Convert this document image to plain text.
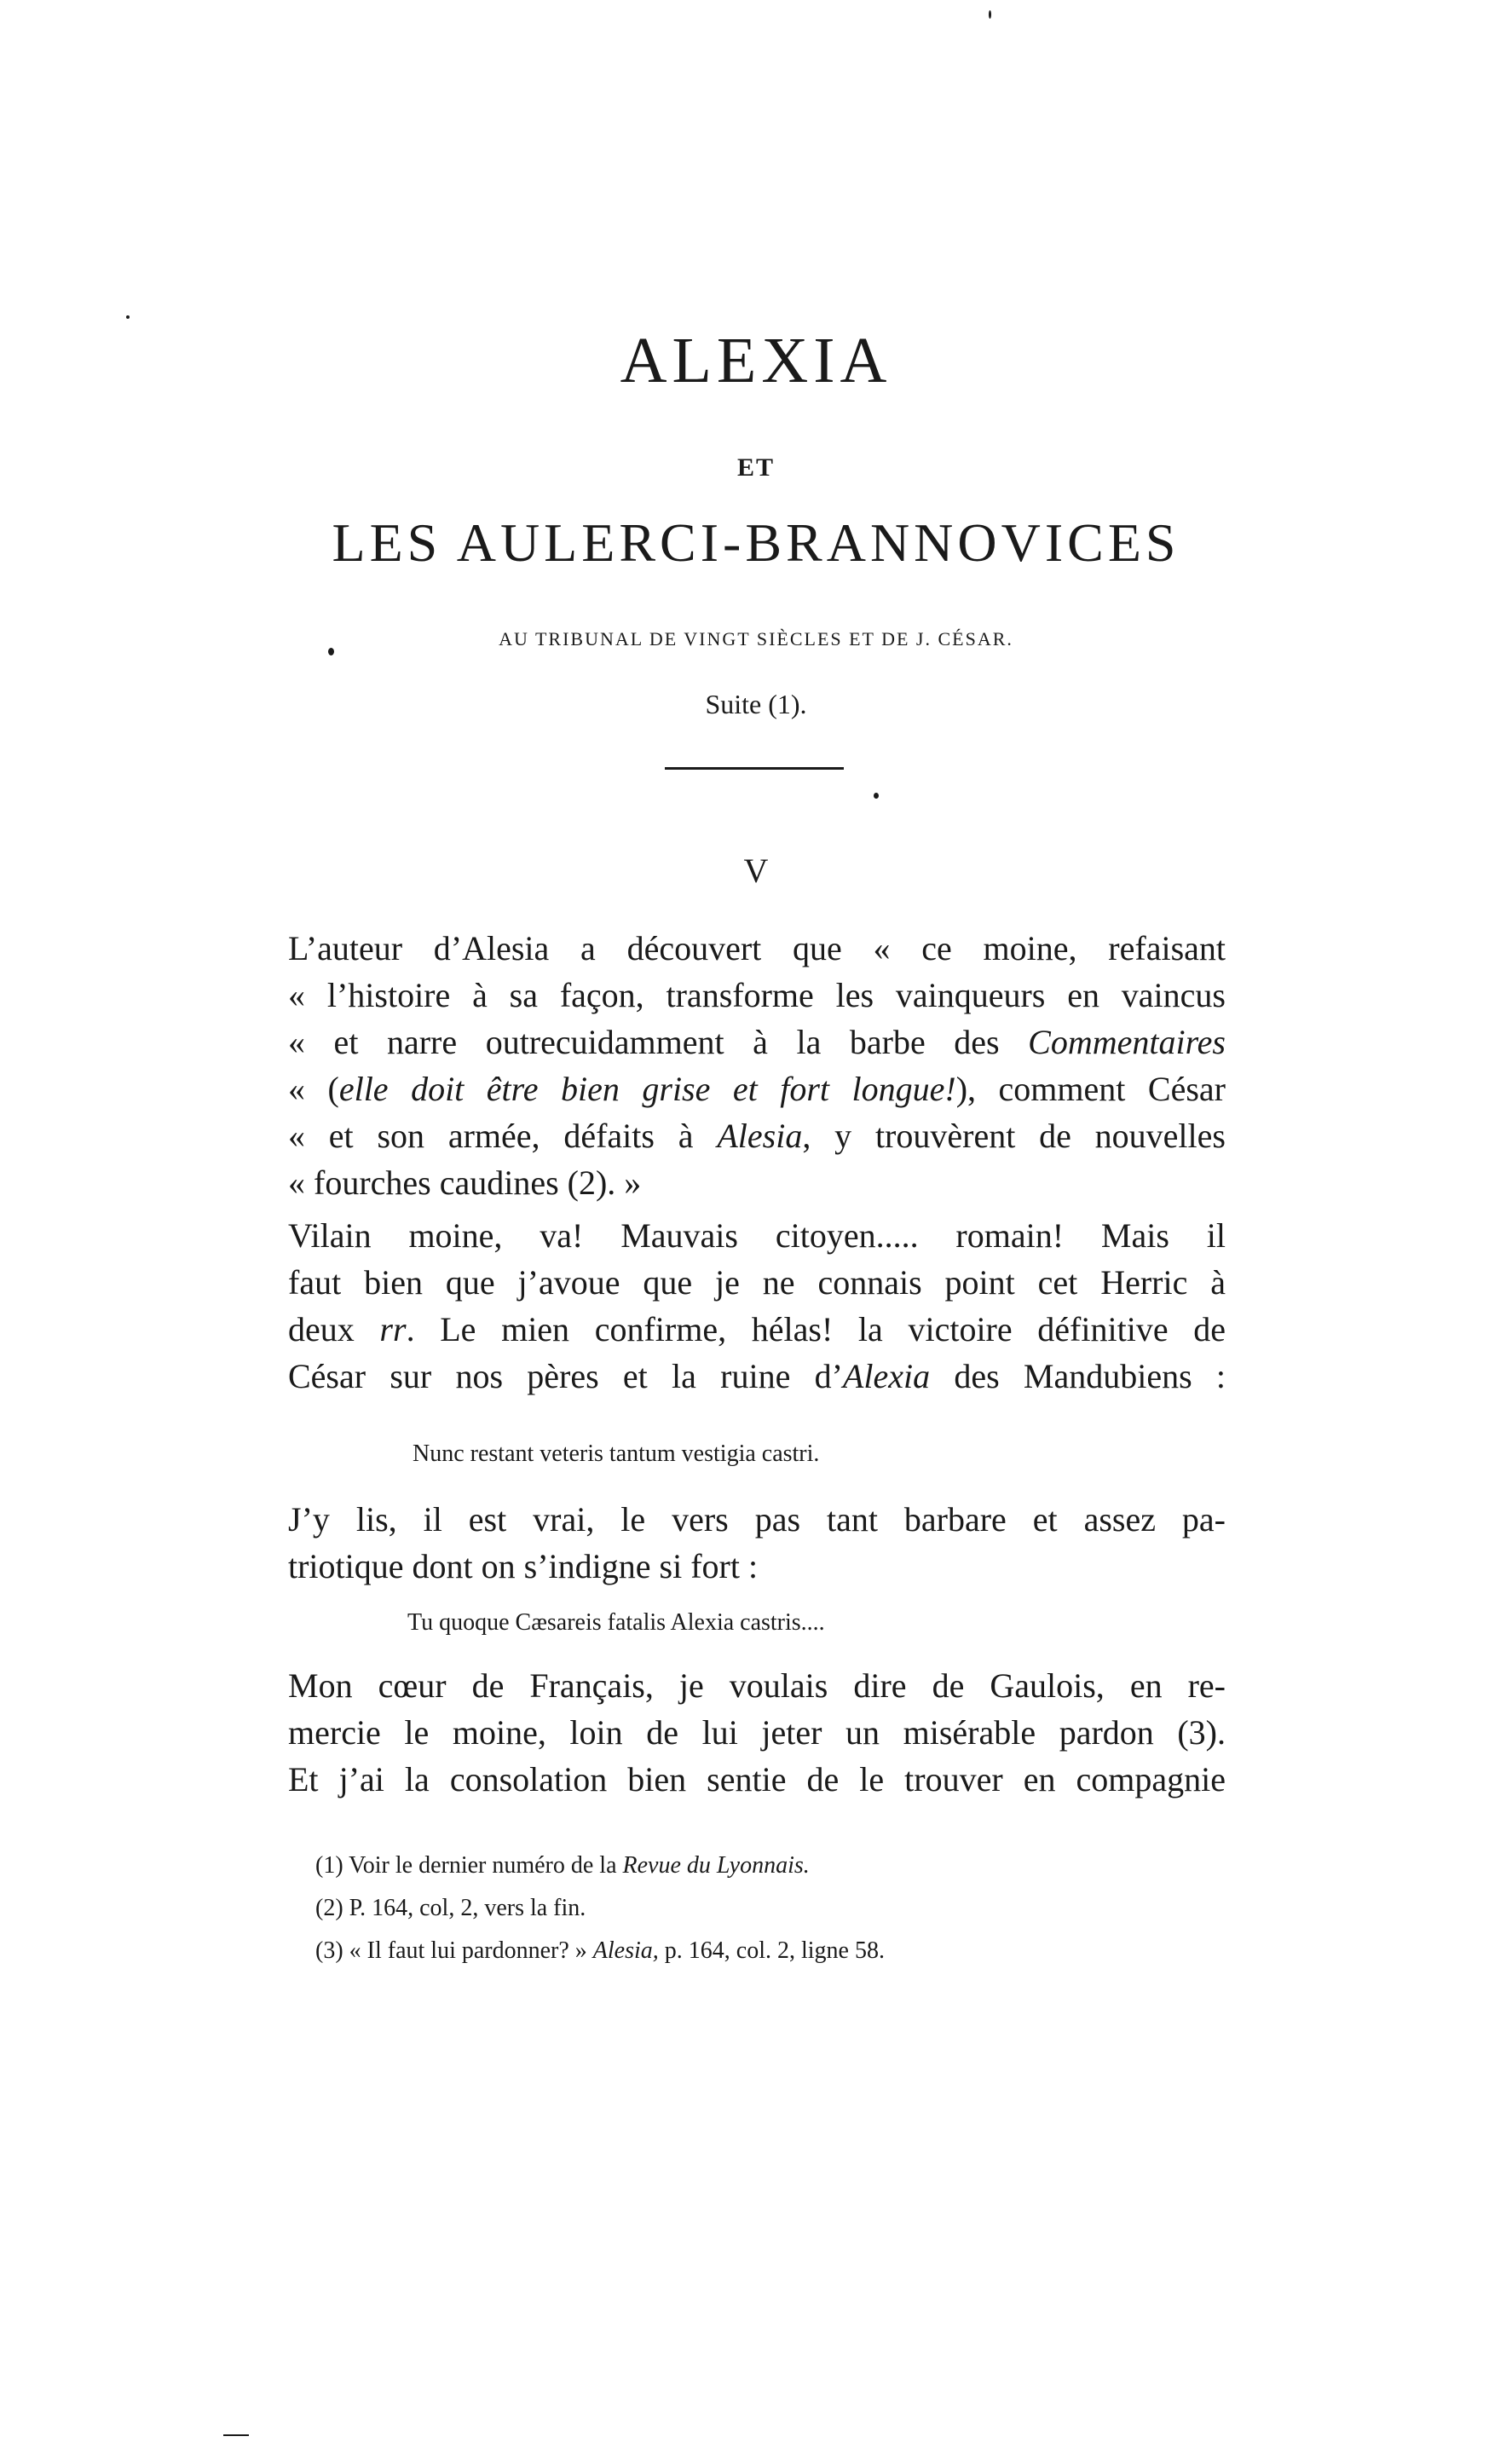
ALEXIA
ET
LES AULERCI-BRANNOVICES
AU TRIBUNAL DE VINGT SIÈCLES ET DE J. CÉSAR.
Suite (1).
V
L’auteur d’Alesia a découvert que « ce moine, refaisant
« l’histoire à sa façon, transforme les vainqueurs en vaincus
« et narre outrecuidamment à la barbe des Commentaires
« (elle doit être bien grise et fort longue!), comment César
« et son armée, défaits à Alesia, y trouvèrent de nouvelles
« fourches caudines (2). »
Vilain moine, va! Mauvais citoyen..... romain! Mais il
faut bien que j’avoue que je ne connais point cet Herric à
deux rr. Le mien confirme, hélas! la victoire définitive de
César sur nos pères et la ruine d’Alexia des Mandubiens :
Nunc restant veteris tantum vestigia castri.
J’y lis, il est vrai, le vers pas tant barbare et assez pa-
triotique dont on s’indigne si fort :
Tu quoque Cæsareis fatalis Alexia castris....
Mon cœur de Français, je voulais dire de Gaulois, en re-
mercie le moine, loin de lui jeter un misérable pardon (3).
Et j’ai la consolation bien sentie de le trouver en compagnie
(1) Voir le dernier numéro de la Revue du Lyonnais.
(2) P. 164, col, 2, vers la fin.
(3) « Il faut lui pardonner? » Alesia, p. 164, col. 2, ligne 58.
